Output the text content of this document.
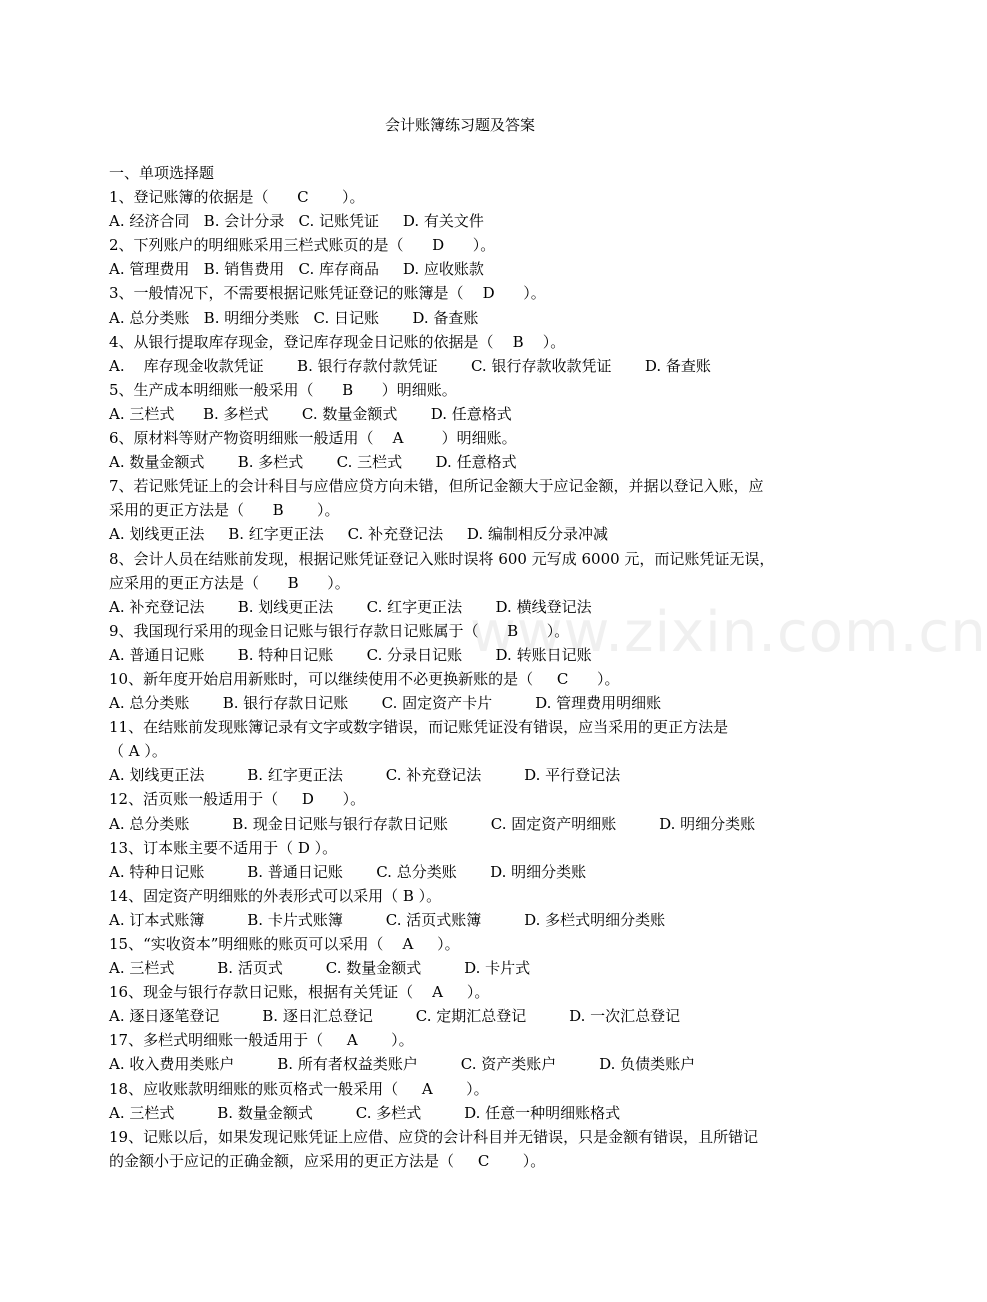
www.zixin.com.cn
会计账簿练习题及答案
一、单项选择题
1、登记账簿的依据是（      C       ）。
A. 经济合同   B. 会计分录   C. 记账凭证     D. 有关文件
2、下列账户的明细账采用三栏式账页的是（      D      ）。
A. 管理费用   B. 销售费用   C. 库存商品     D. 应收账款
3、一般情况下，不需要根据记账凭证登记的账簿是（    D      ）。
A. 总分类账   B. 明细分类账   C. 日记账       D. 备查账
4、从银行提取库存现金，登记库存现金日记账的依据是（    B    ）。
A.    库存现金收款凭证       B. 银行存款付款凭证       C. 银行存款收款凭证       D. 备查账
5、生产成本明细账一般采用（      B      ）明细账。
A. 三栏式      B. 多栏式       C. 数量金额式       D. 任意格式
6、原材料等财产物资明细账一般适用（    A        ）明细账。
A. 数量金额式       B. 多栏式       C. 三栏式       D. 任意格式
7、若记账凭证上的会计科目与应借应贷方向未错，但所记金额大于应记金额，并据以登记入账，应
采用的更正方法是（      B       ）。
A. 划线更正法     B. 红字更正法     C. 补充登记法     D. 编制相反分录冲减
8、会计人员在结账前发现，根据记账凭证登记入账时误将 600 元写成 6000 元，而记账凭证无误，
应采用的更正方法是（      B      ）。
A. 补充登记法       B. 划线更正法       C. 红字更正法       D. 横线登记法
9、我国现行采用的现金日记账与银行存款日记账属于（      B      ）。
A. 普通日记账       B. 特种日记账       C. 分录日记账       D. 转账日记账
10、新年度开始启用新账时，可以继续使用不必更换新账的是（     C      ）。
A. 总分类账       B. 银行存款日记账       C. 固定资产卡片         D. 管理费用明细账
11、在结账前发现账簿记录有文字或数字错误，而记账凭证没有错误，应当采用的更正方法是
（ A ）。
A. 划线更正法         B. 红字更正法         C. 补充登记法         D. 平行登记法
12、活页账一般适用于（     D      ）。
A. 总分类账         B. 现金日记账与银行存款日记账         C. 固定资产明细账         D. 明细分类账
13、订本账主要不适用于（ D ）。
A. 特种日记账         B. 普通日记账       C. 总分类账       D. 明细分类账
14、固定资产明细账的外表形式可以采用（ B ）。
A. 订本式账簿         B. 卡片式账簿         C. 活页式账簿         D. 多栏式明细分类账
15、“实收资本”明细账的账页可以采用（    A     ）。
A. 三栏式         B. 活页式         C. 数量金额式         D. 卡片式
16、现金与银行存款日记账，根据有关凭证（    A     ）。
A. 逐日逐笔登记         B. 逐日汇总登记         C. 定期汇总登记         D. 一次汇总登记
17、多栏式明细账一般适用于（     A       ）。
A. 收入费用类账户         B. 所有者权益类账户         C. 资产类账户         D. 负债类账户
18、应收账款明细账的账页格式一般采用（     A       ）。
A. 三栏式         B. 数量金额式         C. 多栏式         D. 任意一种明细账格式
19、记账以后，如果发现记账凭证上应借、应贷的会计科目并无错误，只是金额有错误，且所错记
的金额小于应记的正确金额，应采用的更正方法是（     C       ）。
